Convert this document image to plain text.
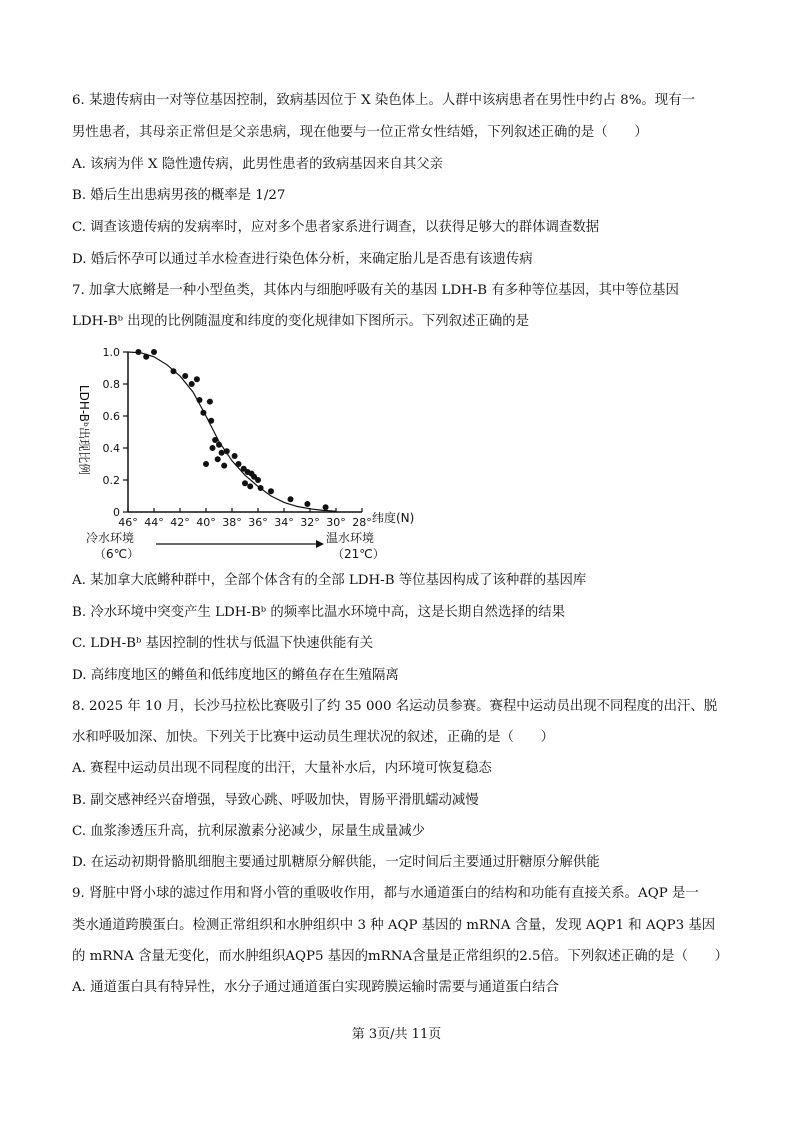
6. 某遗传病由一对等位基因控制，致病基因位于 X 染色体上。人群中该病患者在男性中约占 8%。现有一
男性患者，其母亲正常但是父亲患病，现在他要与一位正常女性结婚，下列叙述正确的是（　　）
A. 该病为伴 X 隐性遗传病，此男性患者的致病基因来自其父亲
B. 婚后生出患病男孩的概率是 1/27
C. 调查该遗传病的发病率时，应对多个患者家系进行调查，以获得足够大的群体调查数据
D. 婚后怀孕可以通过羊水检查进行染色体分析，来确定胎儿是否患有该遗传病
7. 加拿大底鳉是一种小型鱼类，其体内与细胞呼吸有关的基因 LDH-B 有多种等位基因，其中等位基因
LDH-Bᵇ 出现的比例随温度和纬度的变化规律如下图所示。下列叙述正确的是
LDH-Bᵇ出现比例
0
0.2
0.4
0.6
0.8
1.0
46° 44° 42° 40° 38° 36° 34° 32° 30° 28° 纬度(N)
冷水环境
（6℃）
温水环境
（21℃）
A. 某加拿大底鳉种群中，全部个体含有的全部 LDH-B 等位基因构成了该种群的基因库
B. 冷水环境中突变产生 LDH-Bᵇ 的频率比温水环境中高，这是长期自然选择的结果
C. LDH-Bᵇ 基因控制的性状与低温下快速供能有关
D. 高纬度地区的鳉鱼和低纬度地区的鳉鱼存在生殖隔离
8. 2025 年 10 月，长沙马拉松比赛吸引了约 35 000 名运动员参赛。赛程中运动员出现不同程度的出汗、脱
水和呼吸加深、加快。下列关于比赛中运动员生理状况的叙述，正确的是（　　）
A. 赛程中运动员出现不同程度的出汗，大量补水后，内环境可恢复稳态
B. 副交感神经兴奋增强，导致心跳、呼吸加快，胃肠平滑肌蠕动减慢
C. 血浆渗透压升高，抗利尿激素分泌减少，尿量生成量减少
D. 在运动初期骨骼肌细胞主要通过肌糖原分解供能，一定时间后主要通过肝糖原分解供能
9. 肾脏中肾小球的滤过作用和肾小管的重吸收作用，都与水通道蛋白的结构和功能有直接关系。AQP 是一
类水通道跨膜蛋白。检测正常组织和水肿组织中 3 种 AQP 基因的 mRNA 含量，发现 AQP1 和 AQP3 基因
的 mRNA 含量无变化，而水肿组织AQP5 基因的mRNA含量是正常组织的2.5倍。下列叙述正确的是（　　）
A. 通道蛋白具有特异性，水分子通过通道蛋白实现跨膜运输时需要与通道蛋白结合
第 3页/共 11页
